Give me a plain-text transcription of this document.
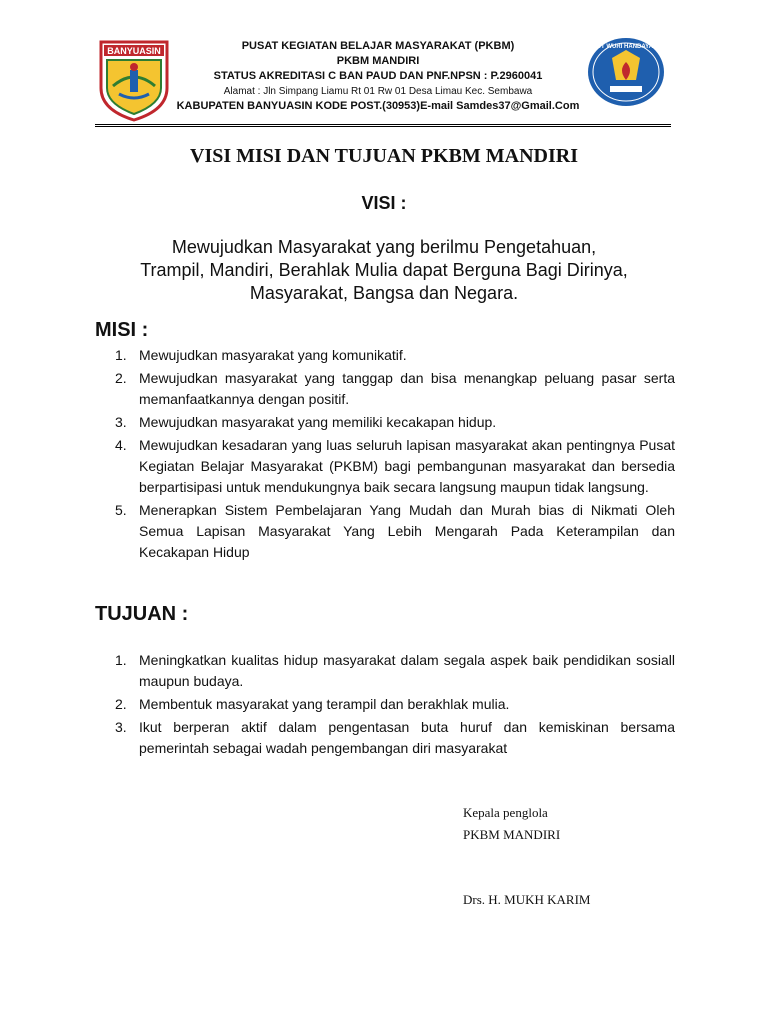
BANYUASIN	PUSAT KEGIATAN BELAJAR MASYARAKAT (PKBM)
PKBM MANDIRI
STATUS AKREDITASI C BAN PAUD DAN PNF.NPSN : P.2960041
Alamat : Jln Simpang Liamu Rt 01 Rw 01 Desa Limau Kec. Sembawa
KABUPATEN BANYUASIN KODE POST.(30953)E-mail Samdes37@Gmail.Com
TUT WURI HANDAYANI
VISI MISI DAN TUJUAN PKBM MANDIRI
VISI :
Mewujudkan Masyarakat yang berilmu Pengetahuan,
Trampil, Mandiri, Berahlak Mulia dapat Berguna Bagi Dirinya,
Masyarakat, Bangsa dan Negara.
MISI :
1. Mewujudkan masyarakat yang komunikatif.
2. Mewujudkan masyarakat yang tanggap dan bisa menangkap peluang pasar serta memanfaatkannya dengan positif.
3. Mewujudkan masyarakat yang memiliki kecakapan hidup.
4. Mewujudkan kesadaran yang luas seluruh lapisan masyarakat akan pentingnya Pusat Kegiatan Belajar Masyarakat (PKBM) bagi pembangunan masyarakat dan bersedia berpartisipasi untuk mendukungnya baik secara langsung maupun tidak langsung.
5. Menerapkan Sistem Pembelajaran Yang Mudah dan Murah bias di Nikmati Oleh Semua Lapisan Masyarakat Yang Lebih Mengarah Pada Keterampilan dan Kecakapan Hidup
TUJUAN :
1. Meningkatkan kualitas hidup masyarakat dalam segala aspek baik pendidikan sosiall maupun budaya.
2. Membentuk masyarakat yang terampil dan berakhlak mulia.
3. Ikut berperan aktif dalam pengentasan buta huruf dan kemiskinan bersama pemerintah sebagai wadah pengembangan diri masyarakat
Kepala penglola
PKBM MANDIRI
Drs. H. MUKH KARIM
